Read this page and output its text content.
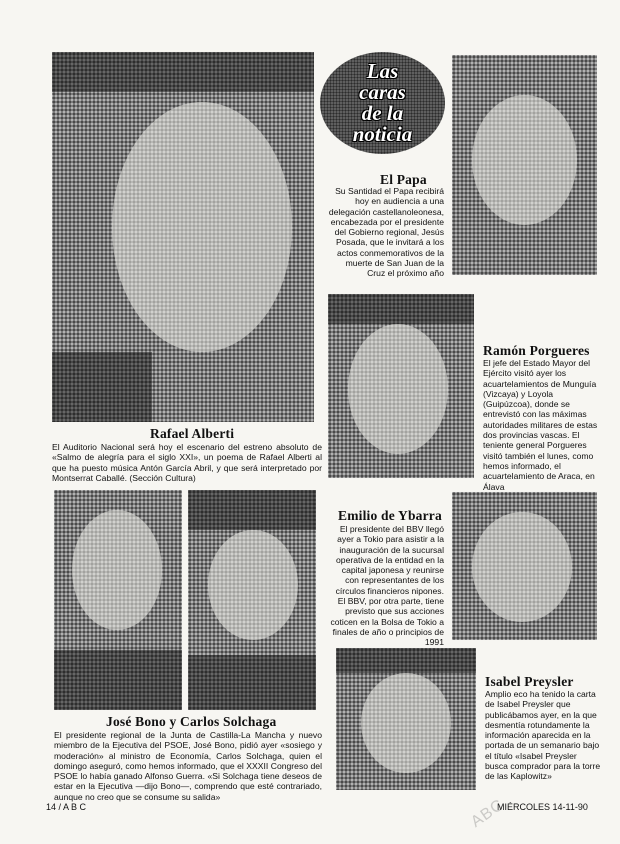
ABC
Rafael Alberti
El Auditorio Nacional será hoy el escenario del estreno absoluto de «Salmo de alegría para el siglo XXI», un poema de Rafael Alberti al que ha puesto música Antón García Abril, y que será interpretado por Montserrat Caballé. (Sección Cultura)
Las
caras
de la
noticia
El Papa
Su Santidad el Papa recibirá hoy en audiencia a una delegación castellanoleonesa, encabezada por el presidente del Gobierno regional, Jesús Posada, que le invitará a los actos conmemorativos de la muerte de San Juan de la Cruz el próximo año
Ramón Porgueres
El jefe del Estado Mayor del Ejército visitó ayer los acuartelamientos de Munguía (Vizcaya) y Loyola (Guipúzcoa), donde se entrevistó con las máximas autoridades militares de estas dos provincias vascas. El teniente general Porgueres visitó también el lunes, como hemos informado, el acuartelamiento de Araca, en Álava
José Bono y Carlos Solchaga
El presidente regional de la Junta de Castilla-La Mancha y nuevo miembro de la Ejecutiva del PSOE, José Bono, pidió ayer «sosiego y moderación» al ministro de Economía, Carlos Solchaga, quien el domingo aseguró, como hemos informado, que el XXXII Congreso del PSOE lo había ganado Alfonso Guerra. «Si Solchaga tiene deseos de estar en la Ejecutiva —dijo Bono—, comprendo que esté contrariado, aunque no creo que se consume su salida»
Emilio de Ybarra
El presidente del BBV llegó ayer a Tokio para asistir a la inauguración de la sucursal operativa de la entidad en la capital japonesa y reunirse con representantes de los círculos financieros nipones. El BBV, por otra parte, tiene previsto que sus acciones coticen en la Bolsa de Tokio a finales de año o principios de 1991
Isabel Preysler
Amplio eco ha tenido la carta de Isabel Preysler que publicábamos ayer, en la que desmentía rotundamente la información aparecida en la portada de un semanario bajo el título «Isabel Preysler busca comprador para la torre de las Kaplowitz»
14 / A B C	MIÉRCOLES 14-11-90
